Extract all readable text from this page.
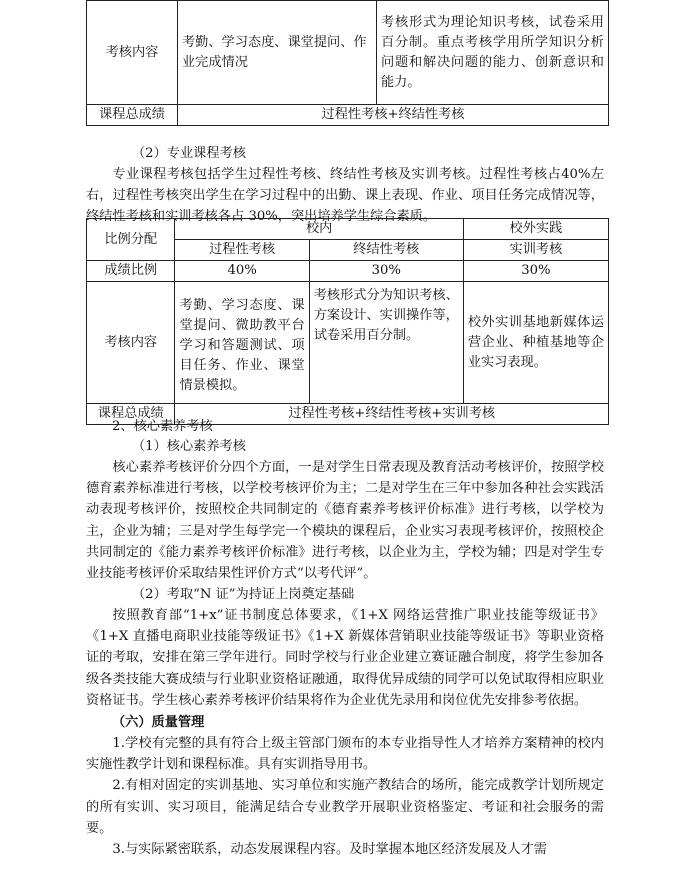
考核内容	考勤、学习态度、课堂提问、作业完成情况	考核形式为理论知识考核，试卷采用百分制。重点考核学用所学知识分析问题和解决问题的能力、创新意识和能力。
课程总成绩	过程性考核+终结性考核	
（2）专业课程考核

专业课程考核包括学生过程性考核、终结性考核及实训考核。过程性考核占40%左右，过程性考核突出学生在学习过程中的出勤、课上表现、作业、项目任务完成情况等，终结性考核和实训考核各占 30%，突出培养学生综合素质。

比例分配	校内		校外实践
	过程性考核	终结性考核	实训考核
成绩比例	40%	30%	30%
考核内容	考勤、学习态度、课堂提问、微助教平台学习和答题测试、项目任务、作业、课堂情景模拟。	考核形式分为知识考核、方案设计、实训操作等，试卷采用百分制。	校外实训基地新媒体运营企业、种植基地等企业实习表现。
课程总成绩	过程性考核+终结性考核+实训考核		
2、核心素养考核
（1）核心素养考核

核心素养考核评价分四个方面，一是对学生日常表现及教育活动考核评价，按照学校德育素养标准进行考核，以学校考核评价为主；二是对学生在三年中参加各种社会实践活动表现考核评价，按照校企共同制定的《德育素养考核评价标准》进行考核，以学校为主，企业为辅；三是对学生每学完一个模块的课程后，企业实习表现考核评价，按照校企共同制定的《能力素养考核评价标准》进行考核，以企业为主，学校为辅；四是对学生专业技能考核评价采取结果性评价方式“以考代评”。

（2）考取“N 证”为持证上岗奠定基础

按照教育部“1+x”证书制度总体要求，《1+X 网络运营推广职业技能等级证书》《1+X 直播电商职业技能等级证书》《1+X 新媒体营销职业技能等级证书》等职业资格证的考取，安排在第三学年进行。同时学校与行业企业建立赛证融合制度，将学生参加各级各类技能大赛成绩与行业职业资格证融通，取得优异成绩的同学可以免试取得相应职业资格证书。学生核心素养考核评价结果将作为企业优先录用和岗位优先安排参考依据。

（六）质量管理

1.学校有完整的具有符合上级主管部门颁布的本专业指导性人才培养方案精神的校内实施性教学计划和课程标准。具有实训指导用书。

2.有相对固定的实训基地、实习单位和实施产教结合的场所，能完成教学计划所规定的所有实训、实习项目，能满足结合专业教学开展职业资格鉴定、考证和社会服务的需要。

3.与实际紧密联系，动态发展课程内容。及时掌握本地区经济发展及人才需
